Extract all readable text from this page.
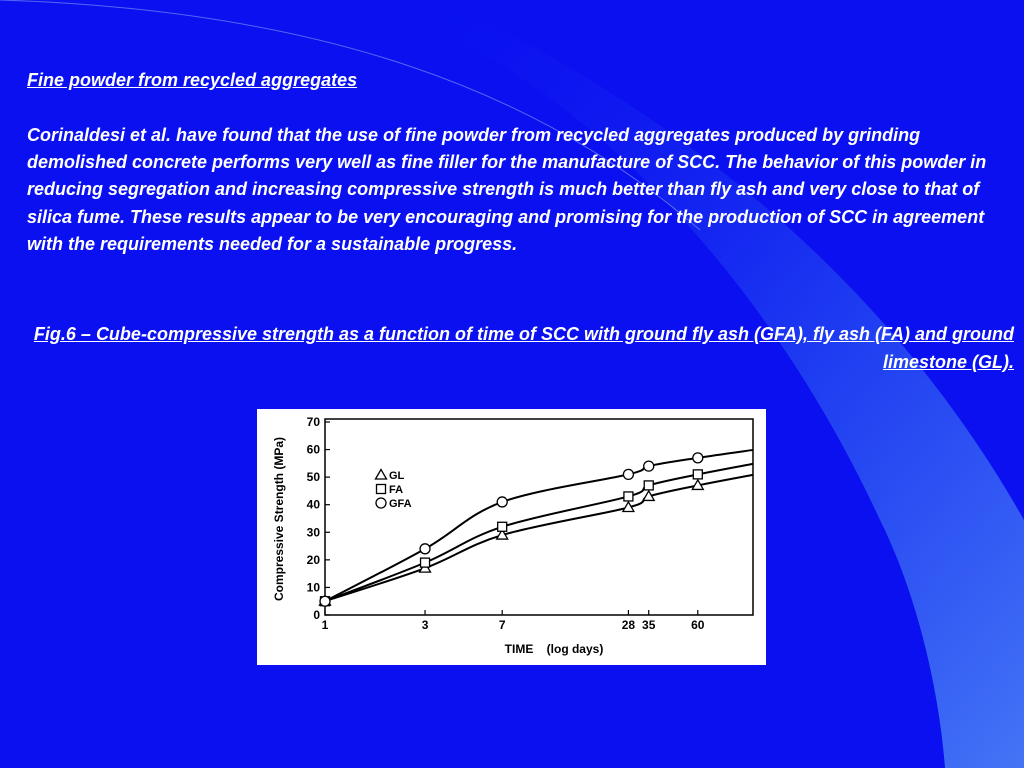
Fine powder from recycled aggregates

Corinaldesi et al. have found that the use of fine powder from recycled aggregates produced by grinding demolished concrete performs very well as fine filler for the manufacture of SCC. The behavior of this powder in reducing segregation and increasing compressive strength is much better than fly ash and very close to that of silica fume. These results appear to be very encouraging and promising for the production of SCC in agreement with the requirements needed for a sustainable progress.

Fig.6 – Cube-compressive strength as a function of time of SCC with ground fly ash (GFA), fly ash (FA) and ground limestone (GL).

0
10
20
30
40
50
60
70
1	3	7	28 35	60
GL
FA
GFA
Compressive Strength (MPa)
TIME    (log days)
